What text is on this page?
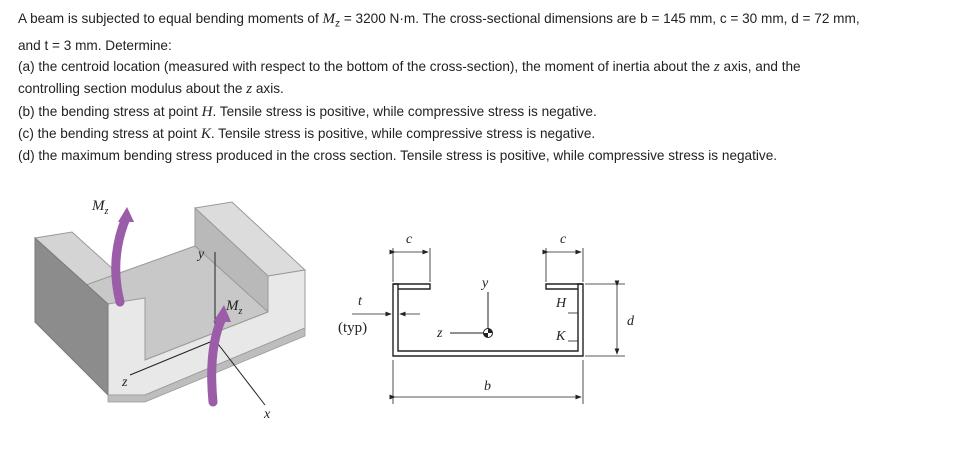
A beam is subjected to equal bending moments of $M_z = 3200$ N·m. The cross-sectional dimensions are b = 145 mm, c = 30 mm, d = 72 mm,

and t = 3 mm. Determine:

(a) the centroid location (measured with respect to the bottom of the cross-section), the moment of inertia about the z axis, and the

controlling section modulus about the z axis.

(b) the bending stress at point H. Tensile stress is positive, while compressive stress is negative.

(c) the bending stress at point K. Tensile stress is positive, while compressive stress is negative.

(d) the maximum bending stress produced in the cross section. Tensile stress is positive, while compressive stress is negative.

y
z
x
$M_z$
$M_z$
c	c
t
(typ)
y
z
b
d
H
K
